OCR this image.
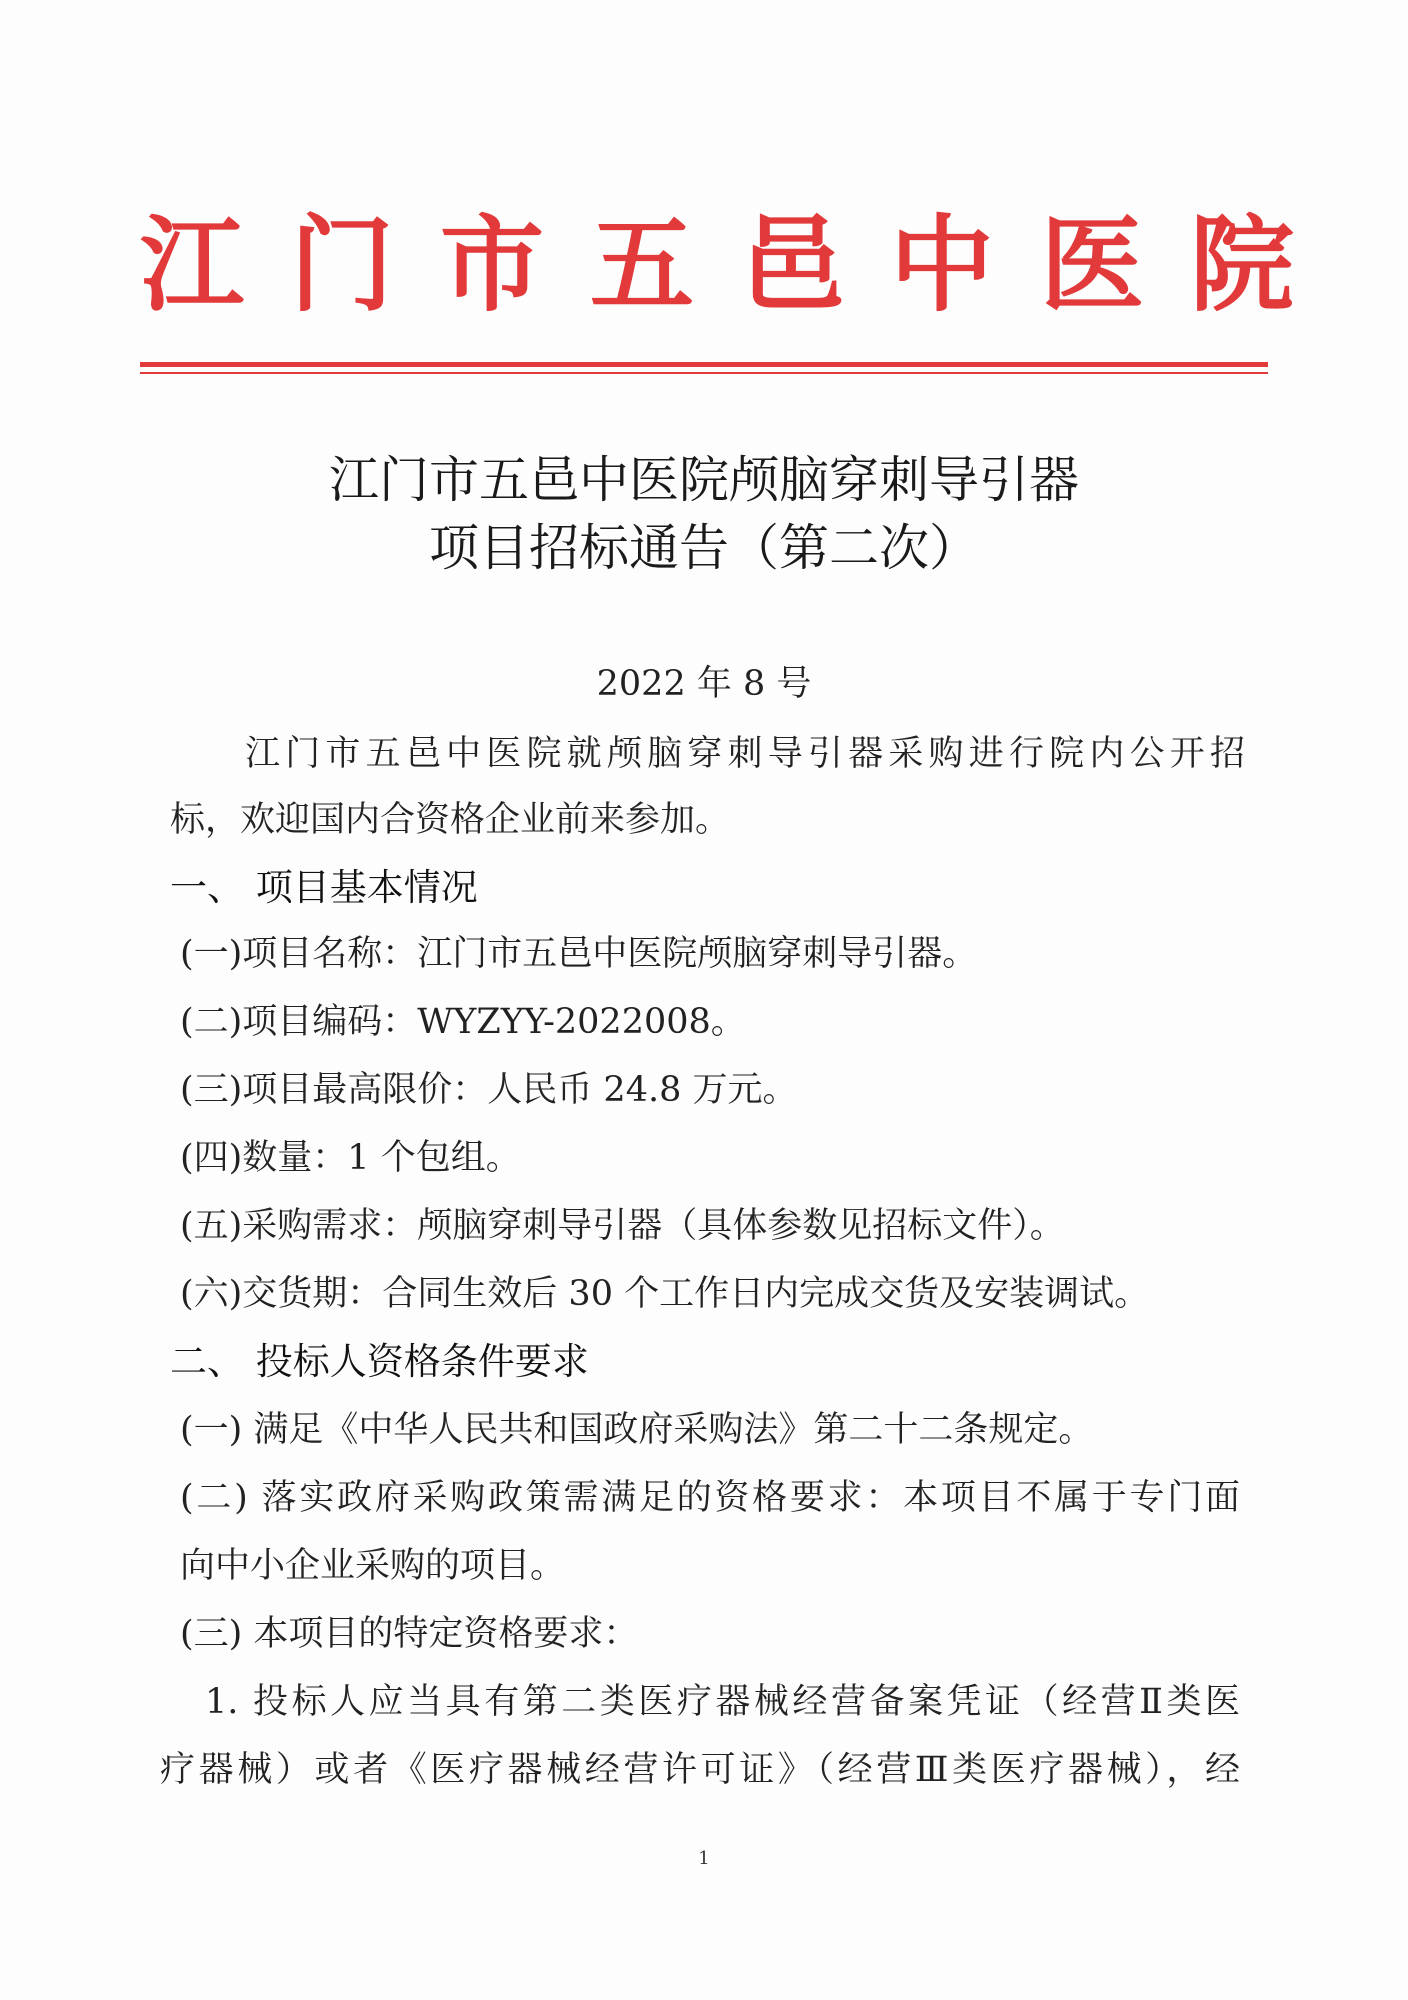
江门市五邑中医院
江门市五邑中医院颅脑穿刺导引器
项目招标通告（第二次）
2022 年 8 号
江门市五邑中医院就颅脑穿刺导引器采购进行院内公开招
标，欢迎国内合资格企业前来参加。
一、 项目基本情况
(一)项目名称：江门市五邑中医院颅脑穿刺导引器。
(二)项目编码：WYZYY-2022008。
(三)项目最高限价：人民币 24.8 万元。
(四)数量：1 个包组。
(五)采购需求：颅脑穿刺导引器（具体参数见招标文件）。
(六)交货期：合同生效后 30 个工作日内完成交货及安装调试。
二、 投标人资格条件要求
(一) 满足《中华人民共和国政府采购法》第二十二条规定。
(二) 落实政府采购政策需满足的资格要求：本项目不属于专门面
向中小企业采购的项目。
(三) 本项目的特定资格要求：
1. 投标人应当具有第二类医疗器械经营备案凭证（经营Ⅱ类医
疗器械）或者《医疗器械经营许可证》（经营Ⅲ类医疗器械），经
1
